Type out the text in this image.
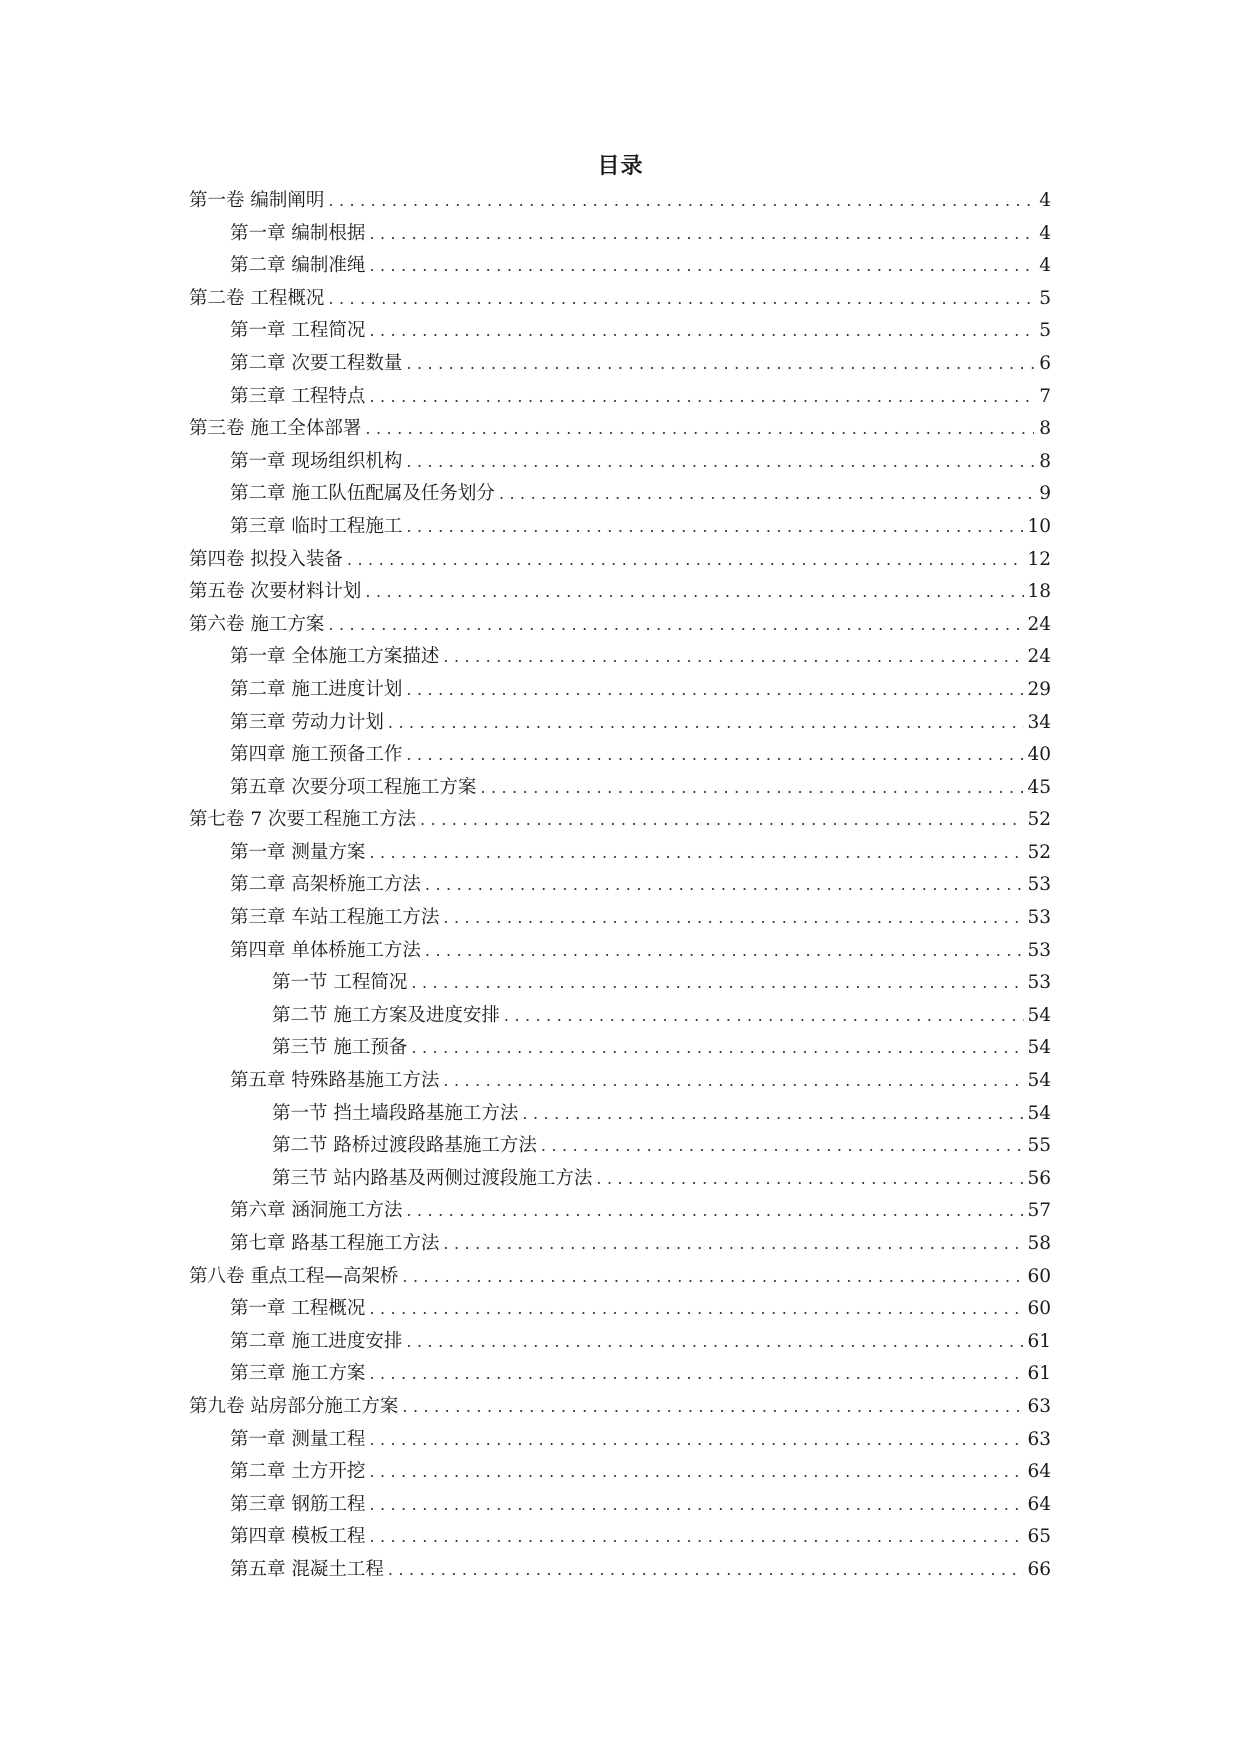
目录
第一卷 编制阐明 . . .	4
第一章 编制根据 . . .	4
第二章 编制准绳 . . .	4
第二卷 工程概况 . . .	5
第一章 工程简况 . . .	5
第二章 次要工程数量 . . .	6
第三章 工程特点 . . .	7
第三卷 施工全体部署 . . .	8
第一章 现场组织机构 . . .	8
第二章 施工队伍配属及任务划分 . . .	9
第三章 临时工程施工 . . .	10
第四卷 拟投入装备 . . .	12
第五卷 次要材料计划 . . .	18
第六卷 施工方案 . . .	24
第一章 全体施工方案描述 . . .	24
第二章 施工进度计划 . . .	29
第三章 劳动力计划 . . .	34
第四章 施工预备工作 . . .	40
第五章 次要分项工程施工方案 . . .	45
第七卷 7 次要工程施工方法 . . .	52
第一章 测量方案 . . .	52
第二章 高架桥施工方法 . . .	53
第三章 车站工程施工方法 . . .	53
第四章 单体桥施工方法 . . .	53
第一节 工程简况 . . .	53
第二节 施工方案及进度安排 . . .	54
第三节 施工预备 . . .	54
第五章 特殊路基施工方法 . . .	54
第一节 挡土墙段路基施工方法 . . .	54
第二节 路桥过渡段路基施工方法 . . .	55
第三节 站内路基及两侧过渡段施工方法 . . .	56
第六章 涵洞施工方法 . . .	57
第七章 路基工程施工方法 . . .	58
第八卷 重点工程—高架桥 . . .	60
第一章 工程概况 . . .	60
第二章 施工进度安排 . . .	61
第三章 施工方案 . . .	61
第九卷 站房部分施工方案 . . .	63
第一章 测量工程 . . .	63
第二章 土方开挖 . . .	64
第三章 钢筋工程 . . .	64
第四章 模板工程 . . .	65
第五章 混凝土工程 . . .	66
